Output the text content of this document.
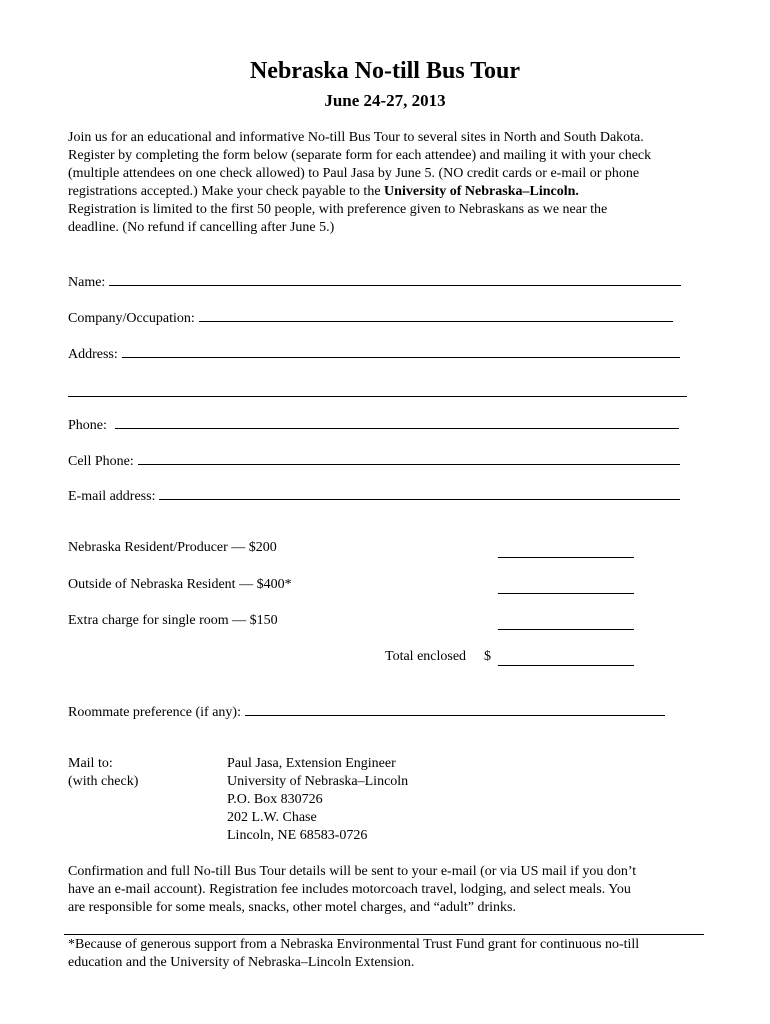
Nebraska No-till Bus Tour
June 24-27, 2013
Join us for an educational and informative No-till Bus Tour to several sites in North and South Dakota.
Register by completing the form below (separate form for each attendee) and mailing it with your check
(multiple attendees on one check allowed) to Paul Jasa by June 5. (NO credit cards or e-mail or phone
registrations accepted.) Make your check payable to the University of Nebraska–Lincoln.
Registration is limited to the first 50 people, with preference given to Nebraskans as we near the
deadline. (No refund if cancelling after June 5.)
Name:
Company/Occupation:
Address:
Phone:
Cell Phone:
E-mail address:
Nebraska Resident/Producer — $200
Outside of Nebraska Resident — $400*
Extra charge for single room — $150
Total enclosed $
Roommate preference (if any):
Mail to:
(with check)
Paul Jasa, Extension Engineer
University of Nebraska–Lincoln
P.O. Box 830726
202 L.W. Chase
Lincoln, NE 68583-0726
Confirmation and full No-till Bus Tour details will be sent to your e-mail (or via US mail if you don’t
have an e-mail account). Registration fee includes motorcoach travel, lodging, and select meals. You
are responsible for some meals, snacks, other motel charges, and “adult” drinks.
*Because of generous support from a Nebraska Environmental Trust Fund grant for continuous no-till
education and the University of Nebraska–Lincoln Extension.
